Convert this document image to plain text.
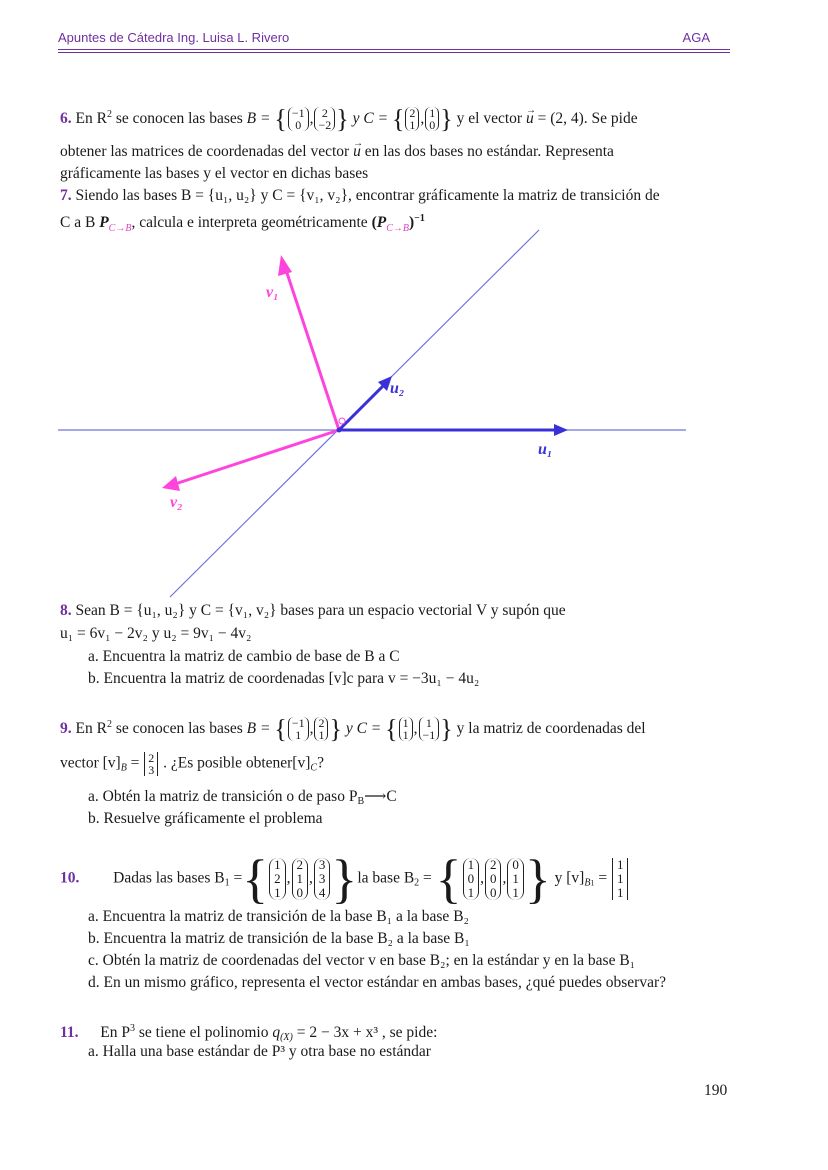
Apuntes de Cátedra Ing. Luisa L. Rivero	AGA
6. En $R^2$ se conocen las bases B = { −1
0 , 2
−2 } y C = { 2
1 , 1
0 } y el vector → u = (2, 4). Se pide
obtener las matrices de coordenadas del vector → u en las dos bases no estándar. Representa
gráficamente las bases y el vector en dichas bases
7. Siendo las bases B = {u₁, u₂} y C = {v₁, v₂}, encontrar gráficamente la matriz de transición de
C a B $P_{C\to B}$, calcula e interpreta geométricamente $(P_{C\to B})^{-1}$
v₁
v₂
u₂
u₁
8. Sean B = {u₁, u₂} y C = {v₁, v₂} bases para un espacio vectorial V y supón que
u₁ = 6v₁ − 2v₂ y u₂ = 9v₁ − 4v₂
a. Encuentra la matriz de cambio de base de B a C
b. Encuentra la matriz de coordenadas [v]c para v = −3u₁ − 4u₂
9. En $R^2$ se conocen las bases B = { −1
1 , 2
1 } y C = { 1
1 , 1
−1 } y la matriz de coordenadas del
vector $[v]_B = 2$
3 . ¿Es posible $obtener[v]_C$?
a. Obtén la matriz de transición o de paso $P_B⟶C$
b. Resuelve gráficamente el problema
10. Dadas las bases $B_1$ ={ 1
2
1,2
1
0,3
3
4 }la base $B_2$ = { 1
0
1,2
0
0,0
1
1 } y $[v]_{B1} = 1$
1
1
a. Encuentra la matriz de transición de la base B₁ a la base B₂
b. Encuentra la matriz de transición de la base B₂ a la base B₁
c. Obtén la matriz de coordenadas del vector v en base B₂; en la estándar y en la base B₁
d. En un mismo gráfico, representa el vector estándar en ambas bases, ¿qué puedes observar?
11. En $P^3$ se tiene el polinomio $q_{(X)} = 2 - 3x + x^3$ , se pide:
a. Halla una base estándar de P³ y otra base no estándar
190
